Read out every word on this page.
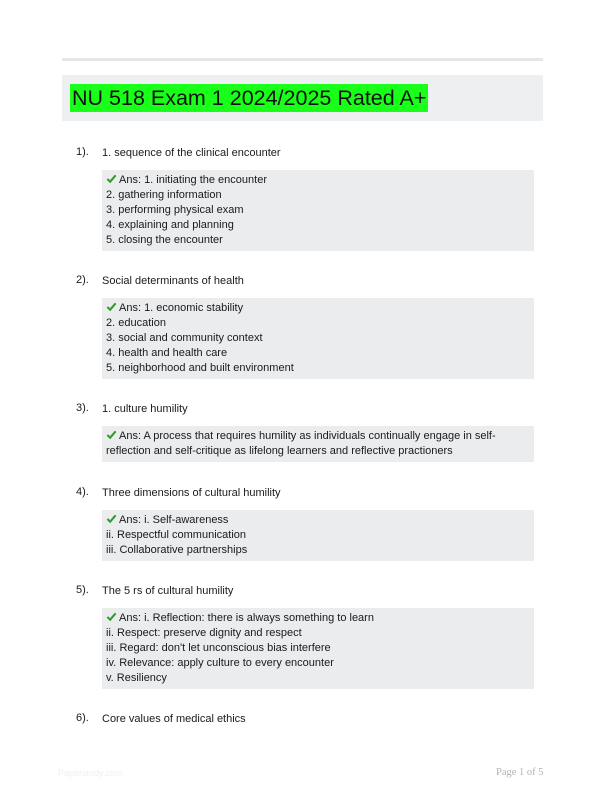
NU 518 Exam 1 2024/2025 Rated A+
1). 1. sequence of the clinical encounter
Ans: 1. initiating the encounter
2. gathering information
3. performing physical exam
4. explaining and planning
5. closing the encounter
2). Social determinants of health
Ans: 1. economic stability
2. education
3. social and community context
4. health and health care
5. neighborhood and built environment
3). 1. culture humility
Ans: A process that requires humility as individuals continually engage in self-reflection and self-critique as lifelong learners and reflective practioners
4). Three dimensions of cultural humility
Ans: i. Self-awareness
ii. Respectful communication
iii. Collaborative partnerships
5). The 5 rs of cultural humility
Ans: i. Reflection: there is always something to learn
ii. Respect: preserve dignity and respect
iii. Regard: don't let unconscious bias interfere
iv. Relevance: apply culture to every encounter
v. Resiliency
6). Core values of medical ethics
Paperstudy.com	Page 1 of 5
